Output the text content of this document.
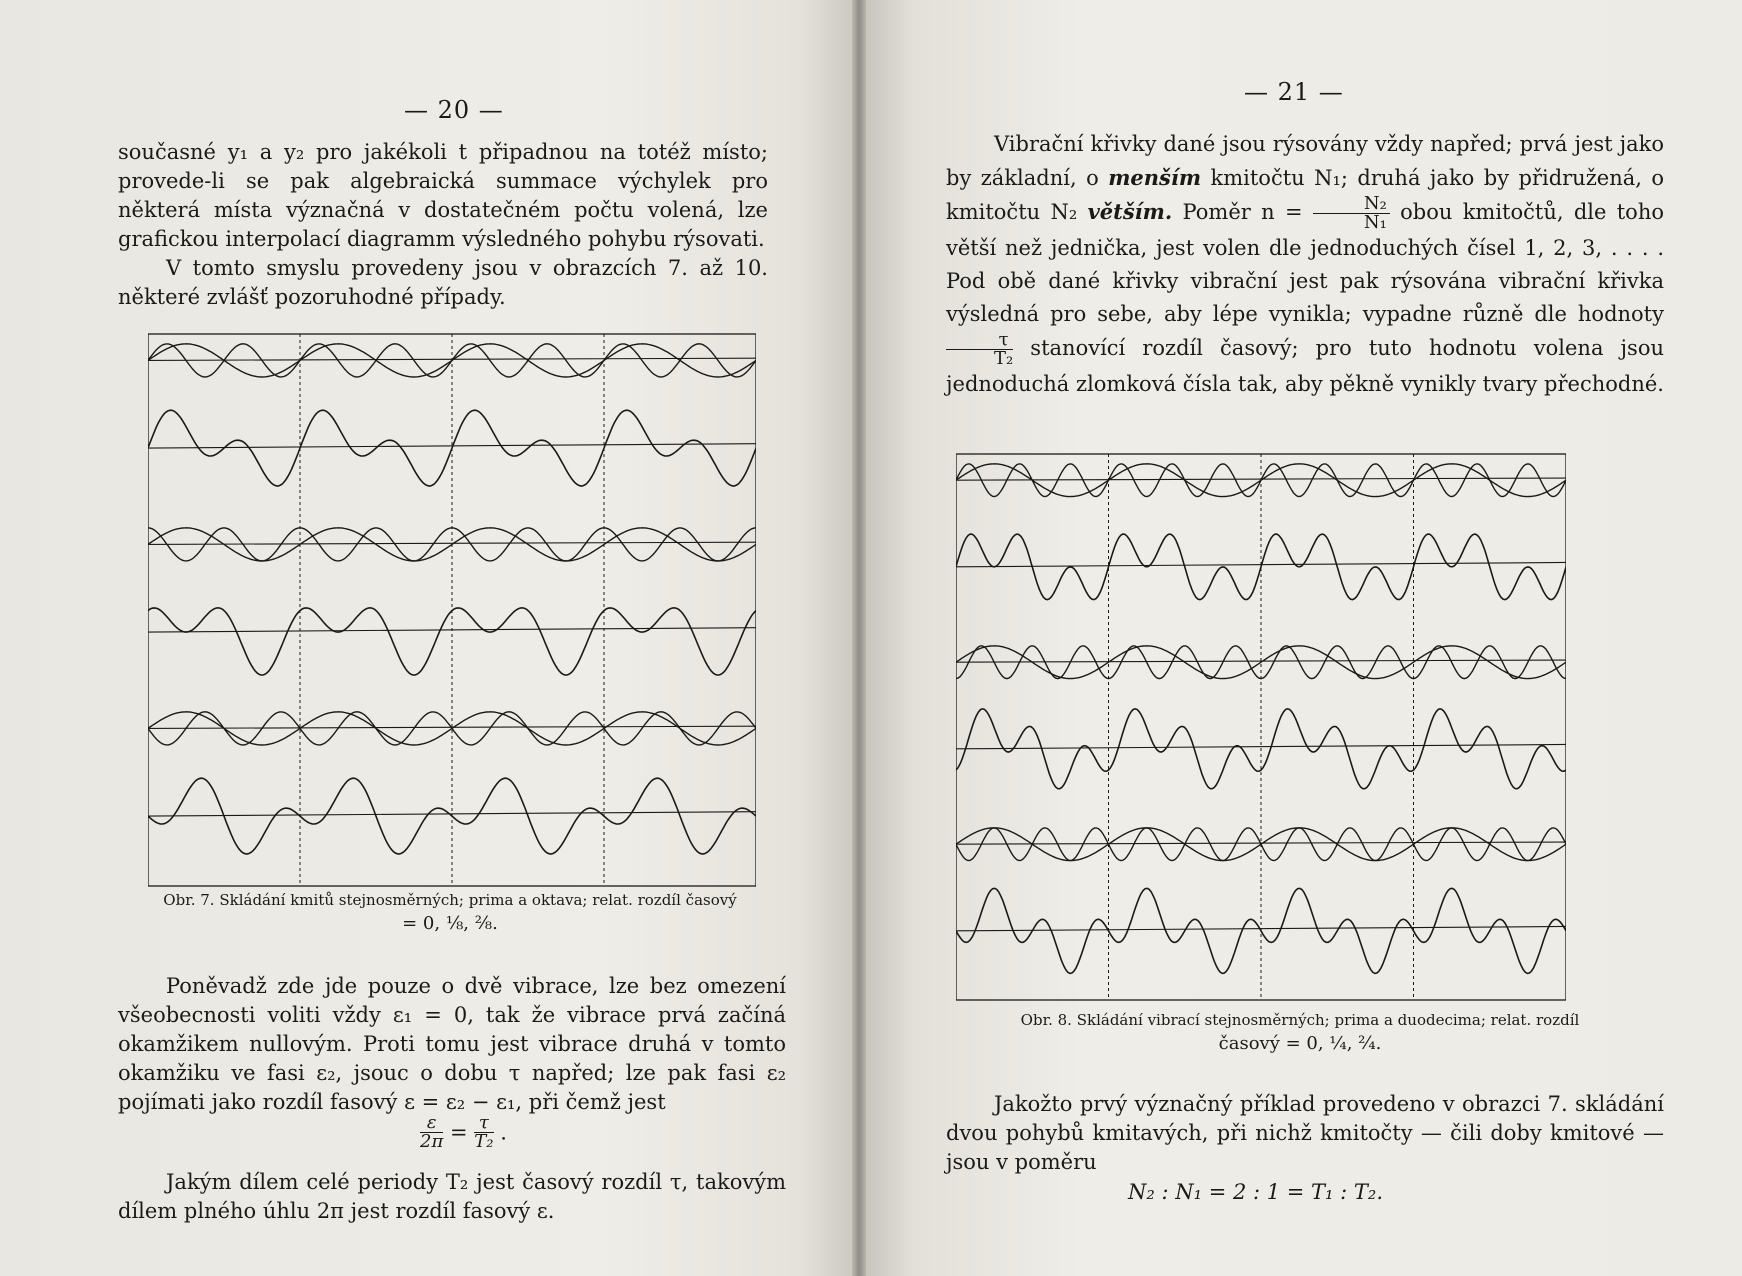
— 20 —

současné y₁ a y₂ pro jakékoli t připadnou na totéž místo; provede-li se pak algebraická summace výchylek pro některá místa význačná v dostatečném počtu volená, lze grafickou interpolací diagramm výsledného pohybu rýsovati.

V tomto smyslu provedeny jsou v obrazcích 7. až 10. některé zvlášť pozoruhodné případy.

Obr. 7. Skládání kmitů stejnosměrných; prima a oktava; relat. rozdíl časový
= 0, ⅛, ²⁄₈.

Poněvadž zde jde pouze o dvě vibrace, lze bez omezení všeobecnosti voliti vždy ε₁ = 0, tak že vibrace prvá začíná okamžikem nullovým. Proti tomu jest vibrace druhá v tomto okamžiku ve fasi ε₂, jsouc o dobu τ napřed; lze pak fasi ε₂ pojímati jako rozdíl fasový ε = ε₂ − ε₁, při čemž jest

$\frac{\varepsilon}{2\pi} = \frac{\tau}{\text{T₂}}$ .

Jakým dílem celé periody T₂ jest časový rozdíl τ, takovým dílem plného úhlu 2π jest rozdíl fasový ε.

— 21 —

Vibrační křivky dané jsou rýsovány vždy napřed; prvá jest jako by základní, o menším kmitočtu N₁; druhá jako by přidružená, o kmitočtu N₂ větším. Poměr $n = \frac{\text{N₂}}{\text{N₁}}$ obou kmitočtů, dle toho větší než jednička, jest volen dle jednoduchých čísel 1, 2, 3, . . . . Pod obě dané křivky vibrační jest pak rýsována vibrační křivka výsledná pro sebe, aby lépe vynikla; vypadne různě dle hodnoty
$\frac{\tau}{\text{T₂}}$ stanovící rozdíl časový; pro tuto hodnotu volena jsou jednoduchá zlomková čísla tak, aby pěkně vynikly tvary přechodné.

Obr. 8. Skládání vibrací stejnosměrných; prima a duodecima; relat. rozdíl
časový = 0, ¼, ²⁄₄.

Jakožto prvý význačný příklad provedeno v obrazci 7. skládání dvou pohybů kmitavých, při nichž kmitočty — čili doby kmitové — jsou v poměru

N₂ : N₁ = 2 : 1 = T₁ : T₂.
